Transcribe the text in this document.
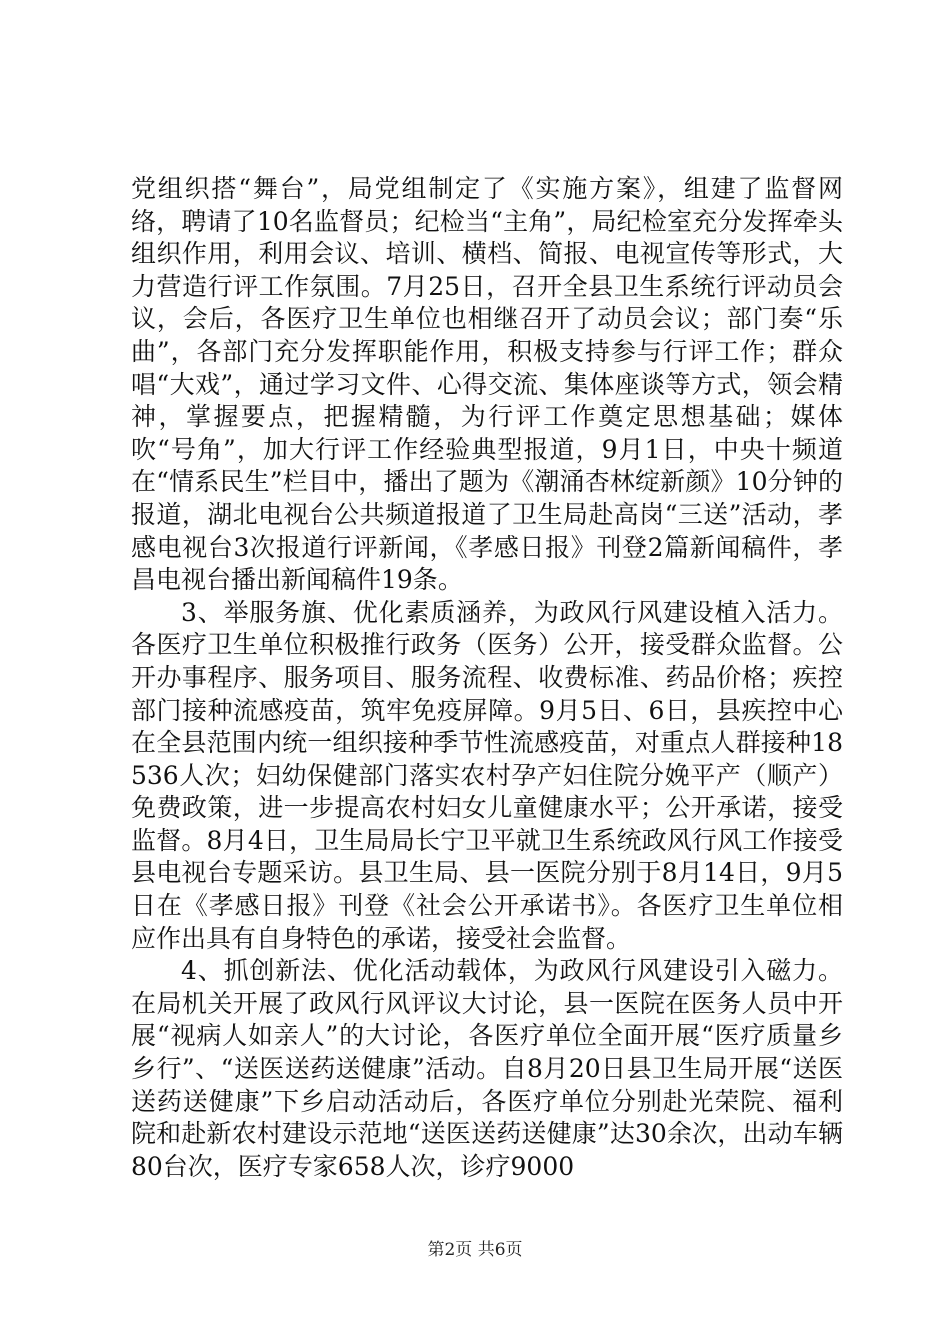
党组织搭“舞台”，局党组制定了《实施方案》，组建了监督网络，聘请了10名监督员；纪检当“主角”，局纪检室充分发挥牵头组织作用，利用会议、培训、横档、简报、电视宣传等形式，大力营造行评工作氛围。7月25日，召开全县卫生系统行评动员会议，会后，各医疗卫生单位也相继召开了动员会议；部门奏“乐曲”，各部门充分发挥职能作用，积极支持参与行评工作；群众唱“大戏”，通过学习文件、心得交流、集体座谈等方式，领会精神，掌握要点，把握精髓，为行评工作奠定思想基础；媒体吹“号角”，加大行评工作经验典型报道，9月1日，中央十频道在“情系民生”栏目中，播出了题为《潮涌杏林绽新颜》10分钟的报道，湖北电视台公共频道报道了卫生局赴高岗“三送”活动，孝感电视台3次报道行评新闻，《孝感日报》刊登2篇新闻稿件，孝昌电视台播出新闻稿件19条。

3、举服务旗、优化素质涵养，为政风行风建设植入活力。各医疗卫生单位积极推行政务（医务）公开，接受群众监督。公开办事程序、服务项目、服务流程、收费标准、药品价格；疾控部门接种流感疫苗，筑牢免疫屏障。9月5日、6日，县疾控中心在全县范围内统一组织接种季节性流感疫苗，对重点人群接种18536人次；妇幼保健部门落实农村孕产妇住院分娩平产（顺产）免费政策，进一步提高农村妇女儿童健康水平；公开承诺，接受监督。8月4日，卫生局局长宁卫平就卫生系统政风行风工作接受县电视台专题采访。县卫生局、县一医院分别于8月14日，9月5日在《孝感日报》刊登《社会公开承诺书》。各医疗卫生单位相应作出具有自身特色的承诺，接受社会监督。

4、抓创新法、优化活动载体，为政风行风建设引入磁力。在局机关开展了政风行风评议大讨论，县一医院在医务人员中开展“视病人如亲人”的大讨论，各医疗单位全面开展“医疗质量乡乡行”、“送医送药送健康”活动。自8月20日县卫生局开展“送医送药送健康”下乡启动活动后，各医疗单位分别赴光荣院、福利院和赴新农村建设示范地“送医送药送健康”达30余次，出动车辆80台次，医疗专家658人次，诊疗9000

第2页 共6页
